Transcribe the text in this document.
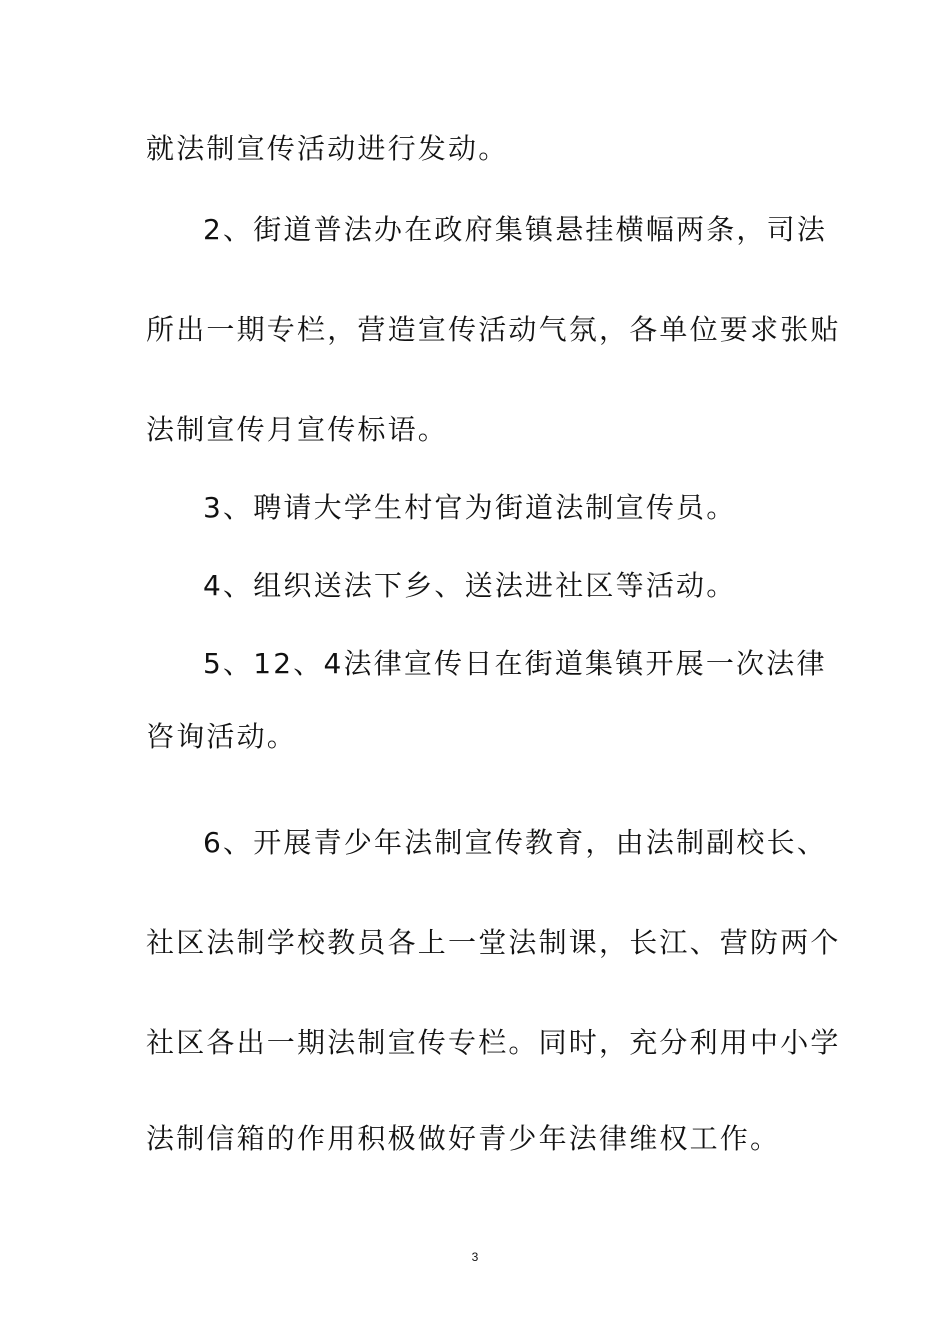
就法制宣传活动进行发动。
2、街道普法办在政府集镇悬挂横幅两条，司法
所出一期专栏，营造宣传活动气氛，各单位要求张贴
法制宣传月宣传标语。
3、聘请大学生村官为街道法制宣传员。
4、组织送法下乡、送法进社区等活动。
5、12、4法律宣传日在街道集镇开展一次法律
咨询活动。
6、开展青少年法制宣传教育，由法制副校长、
社区法制学校教员各上一堂法制课，长江、营防两个
社区各出一期法制宣传专栏。同时，充分利用中小学
法制信箱的作用积极做好青少年法律维权工作。
3
